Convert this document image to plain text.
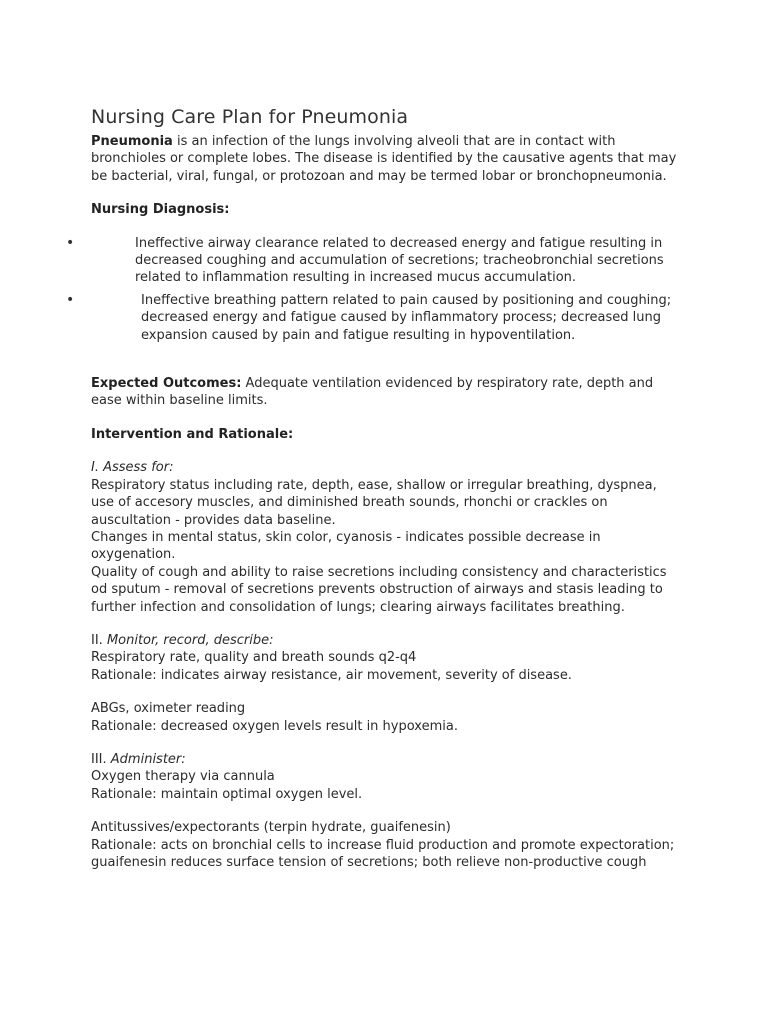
Nursing Care Plan for Pneumonia

Pneumonia is an infection of the lungs involving alveoli that are in contact with bronchioles or complete lobes. The disease is identified by the causative agents that may be bacterial, viral, fungal, or protozoan and may be termed lobar or bronchopneumonia.

Nursing Diagnosis:

•	Ineffective airway clearance related to decreased energy and fatigue resulting in decreased coughing and accumulation of secretions; tracheobronchial secretions related to inflammation resulting in increased mucus accumulation.
•	Ineffective breathing pattern related to pain caused by positioning and coughing; decreased energy and fatigue caused by inflammatory process; decreased lung expansion caused by pain and fatigue resulting in hypoventilation.

Expected Outcomes: Adequate ventilation evidenced by respiratory rate, depth and ease within baseline limits.

Intervention and Rationale:

I. Assess for:

Respiratory status including rate, depth, ease, shallow or irregular breathing, dyspnea, use of accesory muscles, and diminished breath sounds, rhonchi or crackles on auscultation - provides data baseline.

Changes in mental status, skin color, cyanosis - indicates possible decrease in oxygenation.

Quality of cough and ability to raise secretions including consistency and characteristics od sputum - removal of secretions prevents obstruction of airways and stasis leading to further infection and consolidation of lungs; clearing airways facilitates breathing.

II. Monitor, record, describe:

Respiratory rate, quality and breath sounds q2-q4

Rationale: indicates airway resistance, air movement, severity of disease.

ABGs, oximeter reading

Rationale: decreased oxygen levels result in hypoxemia.

III. Administer:

Oxygen therapy via cannula

Rationale: maintain optimal oxygen level.

Antitussives/expectorants (terpin hydrate, guaifenesin)

Rationale: acts on bronchial cells to increase fluid production and promote expectoration; guaifenesin reduces surface tension of secretions; both relieve non-productive cough
